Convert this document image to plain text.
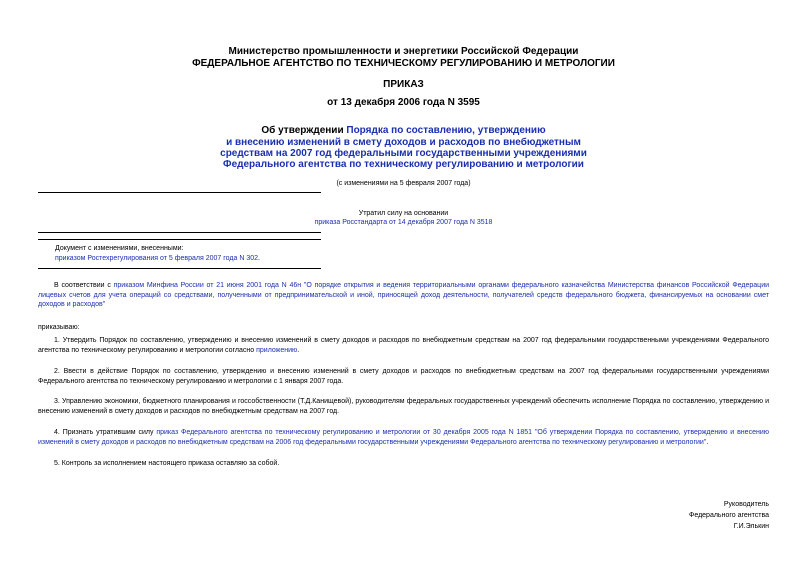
Министерство промышленности и энергетики Российской Федерации
ФЕДЕРАЛЬНОЕ АГЕНТСТВО ПО ТЕХНИЧЕСКОМУ РЕГУЛИРОВАНИЮ И МЕТРОЛОГИИ
ПРИКАЗ
от 13 декабря 2006 года N 3595
Об утверждении Порядка по составлению, утверждению
и внесению изменений в смету доходов и расходов по внебюджетным
средствам на 2007 год федеральными государственными учреждениями
Федерального агентства по техническому регулированию и метрологии
(с изменениями на 5 февраля 2007 года)
Утратил силу на основании
приказа Росстандарта от 14 декабря 2007 года N 3518
Документ с изменениями, внесенными:
приказом Ростехрегулирования от 5 февраля 2007 года N 302.
В соответствии с приказом Минфина России от 21 июня 2001 года N 46н "О порядке открытия и ведения территориальными органами федерального казначейства Министерства финансов Российской Федерации лицевых счетов для учета операций со средствами, полученными от предпринимательской и иной, приносящей доход деятельности, получателей средств федерального бюджета, финансируемых на основании смет доходов и расходов"
приказываю:
1. Утвердить Порядок по составлению, утверждению и внесению изменений в смету доходов и расходов по внебюджетным средствам на 2007 год федеральными государственными учреждениями Федерального агентства по техническому регулированию и метрологии согласно приложению.
2. Ввести в действие Порядок по составлению, утверждению и внесению изменений в смету доходов и расходов по внебюджетным средствам на 2007 год федеральными государственными учреждениями Федерального агентства по техническому регулированию и метрологии с 1 января 2007 года.
3. Управлению экономики, бюджетного планирования и госсобственности (Т.Д.Канищевой), руководителям федеральных государственных учреждений обеспечить исполнение Порядка по составлению, утверждению и внесению изменений в смету доходов и расходов по внебюджетным средствам на 2007 год.
4. Признать утратившим силу приказ Федерального агентства по техническому регулированию и метрологии от 30 декабря 2005 года N 1851 "Об утверждении Порядка по составлению, утверждению и внесению изменений в смету доходов и расходов по внебюджетным средствам на 2006 год федеральными государственными учреждениями Федерального агентства по техническому регулированию и метрологии".
5. Контроль за исполнением настоящего приказа оставляю за собой.
Руководитель
Федерального агентства
Г.И.Элькин
